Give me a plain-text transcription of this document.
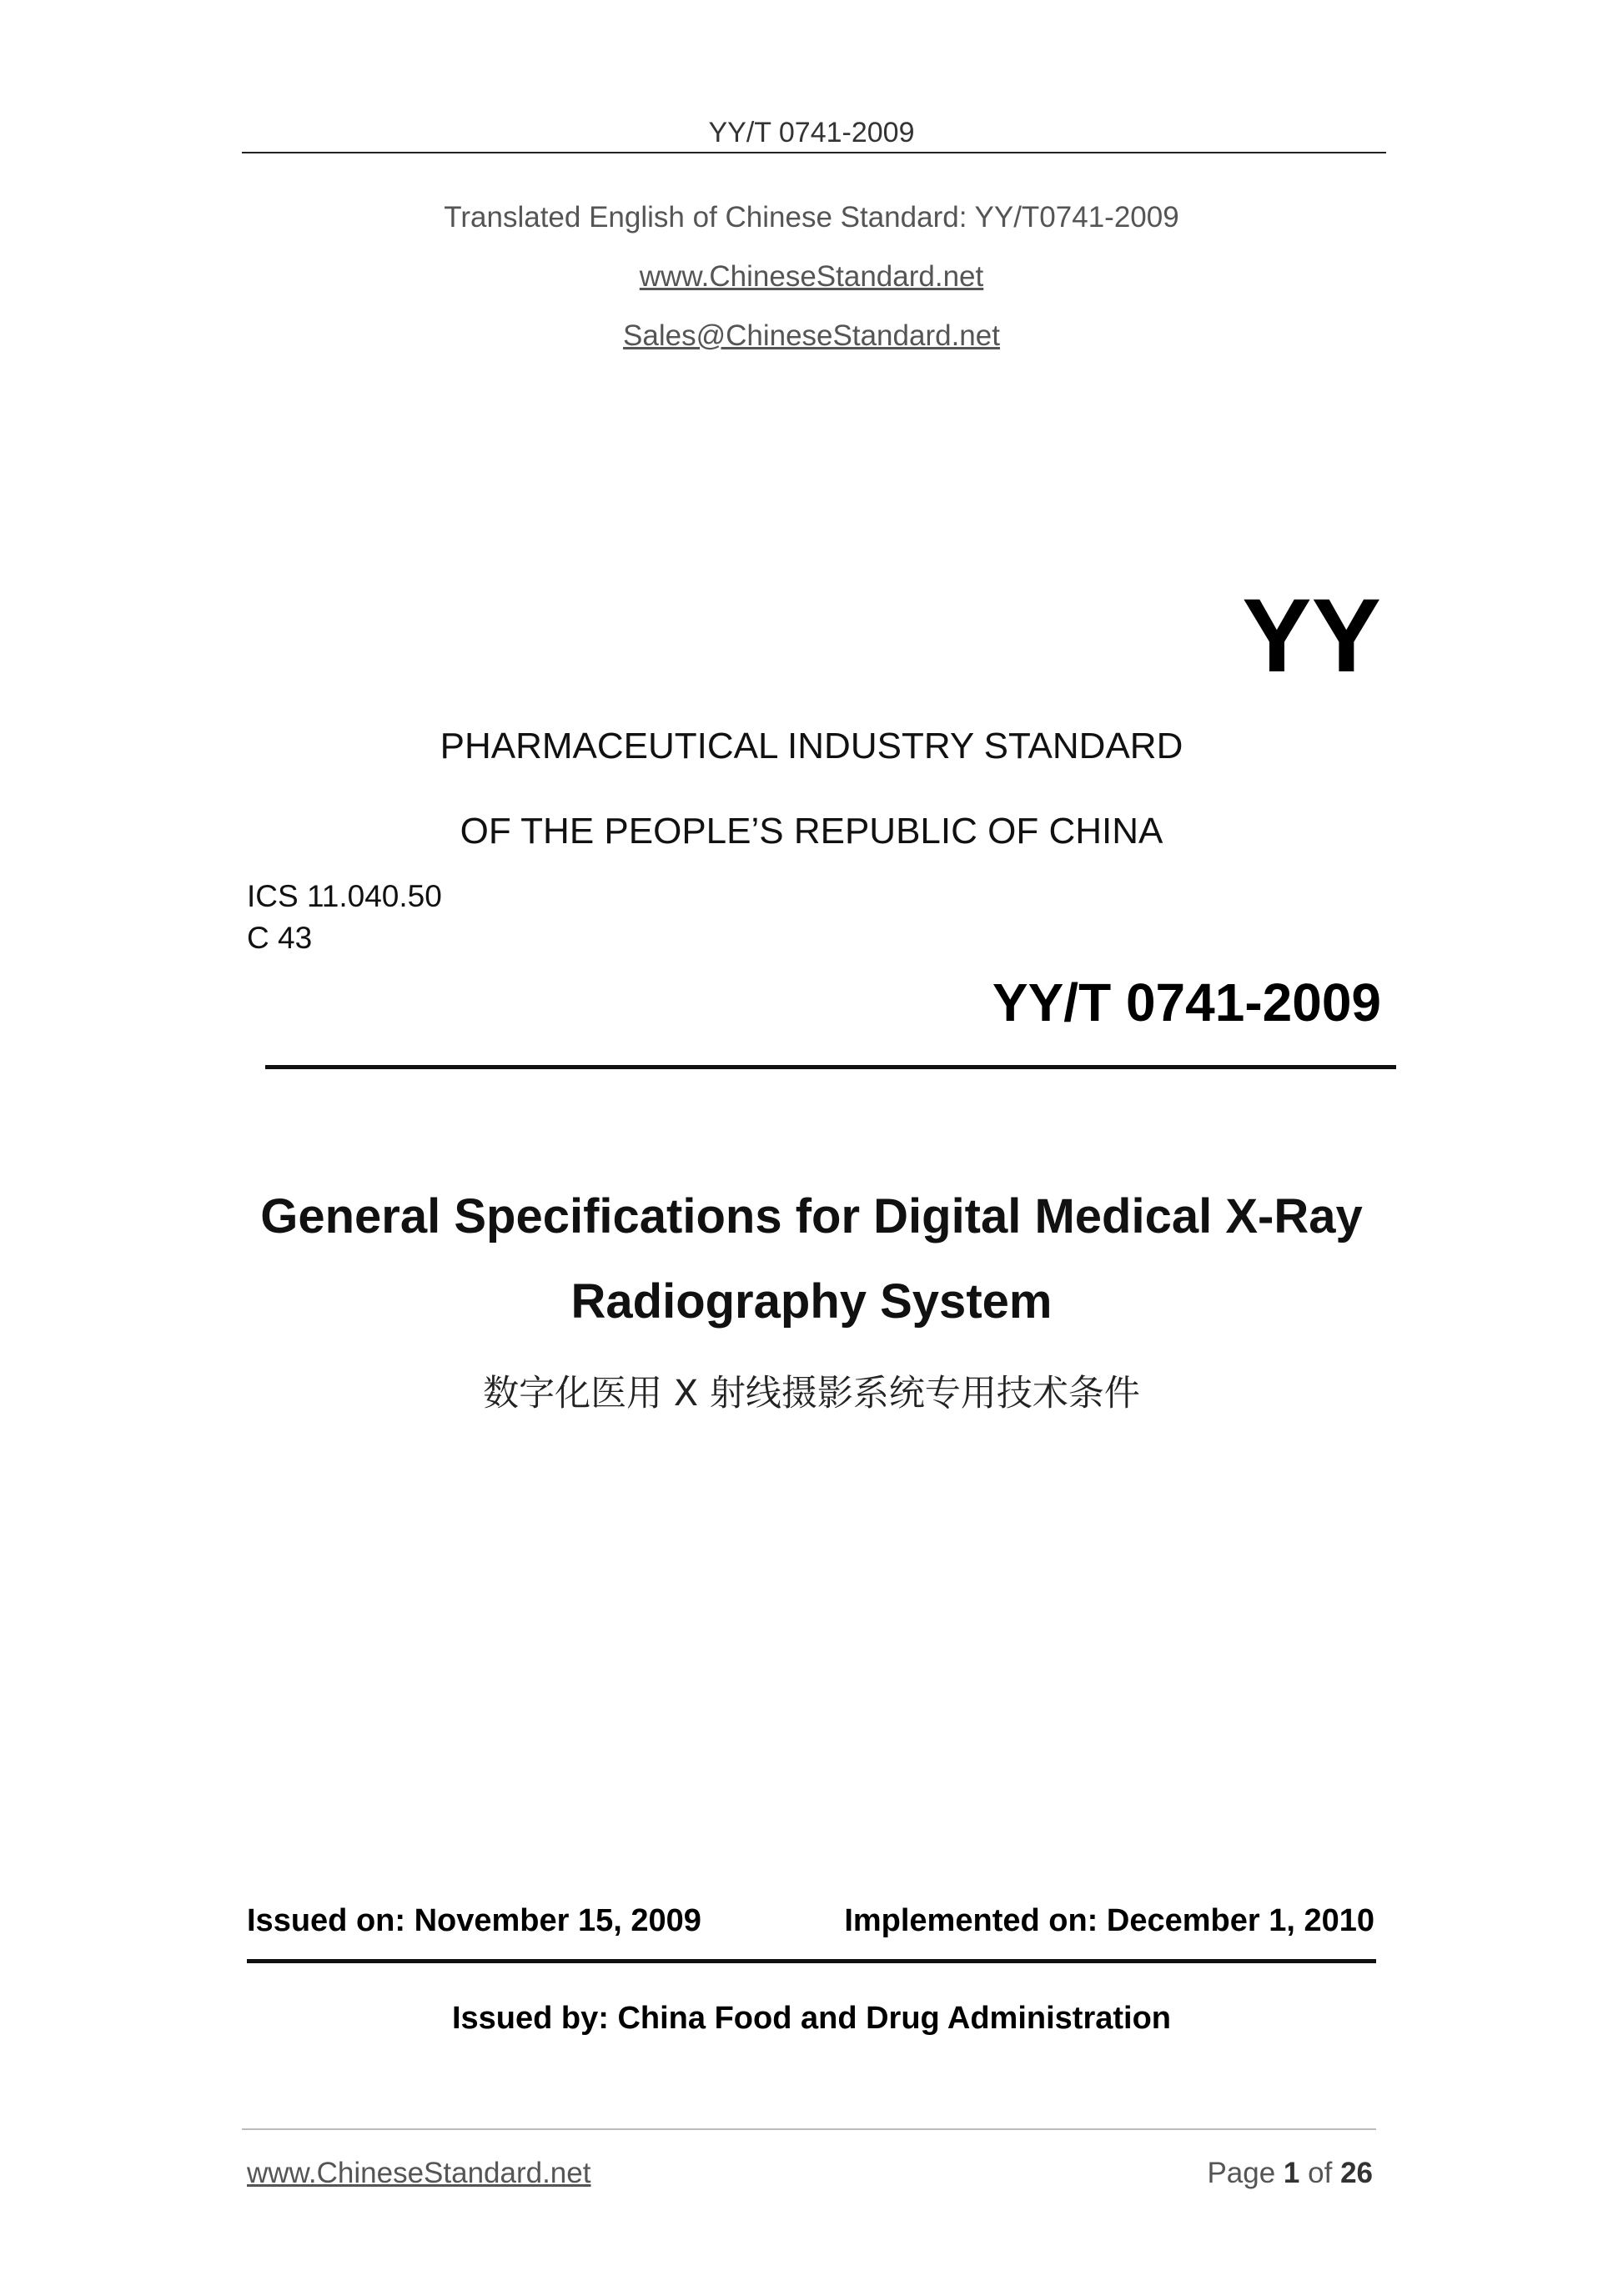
YY/T 0741-2009
Translated English of Chinese Standard: YY/T0741-2009
www.ChineseStandard.net
Sales@ChineseStandard.net
YY
PHARMACEUTICAL INDUSTRY STANDARD
OF THE PEOPLE’S REPUBLIC OF CHINA
ICS 11.040.50
C 43
YY/T 0741-2009
General Specifications for Digital Medical X-Ray
Radiography System
数字化医用 X 射线摄影系统专用技术条件
Issued on: November 15, 2009	Implemented on: December 1, 2010
Issued by: China Food and Drug Administration
www.ChineseStandard.net	Page 1 of 26
